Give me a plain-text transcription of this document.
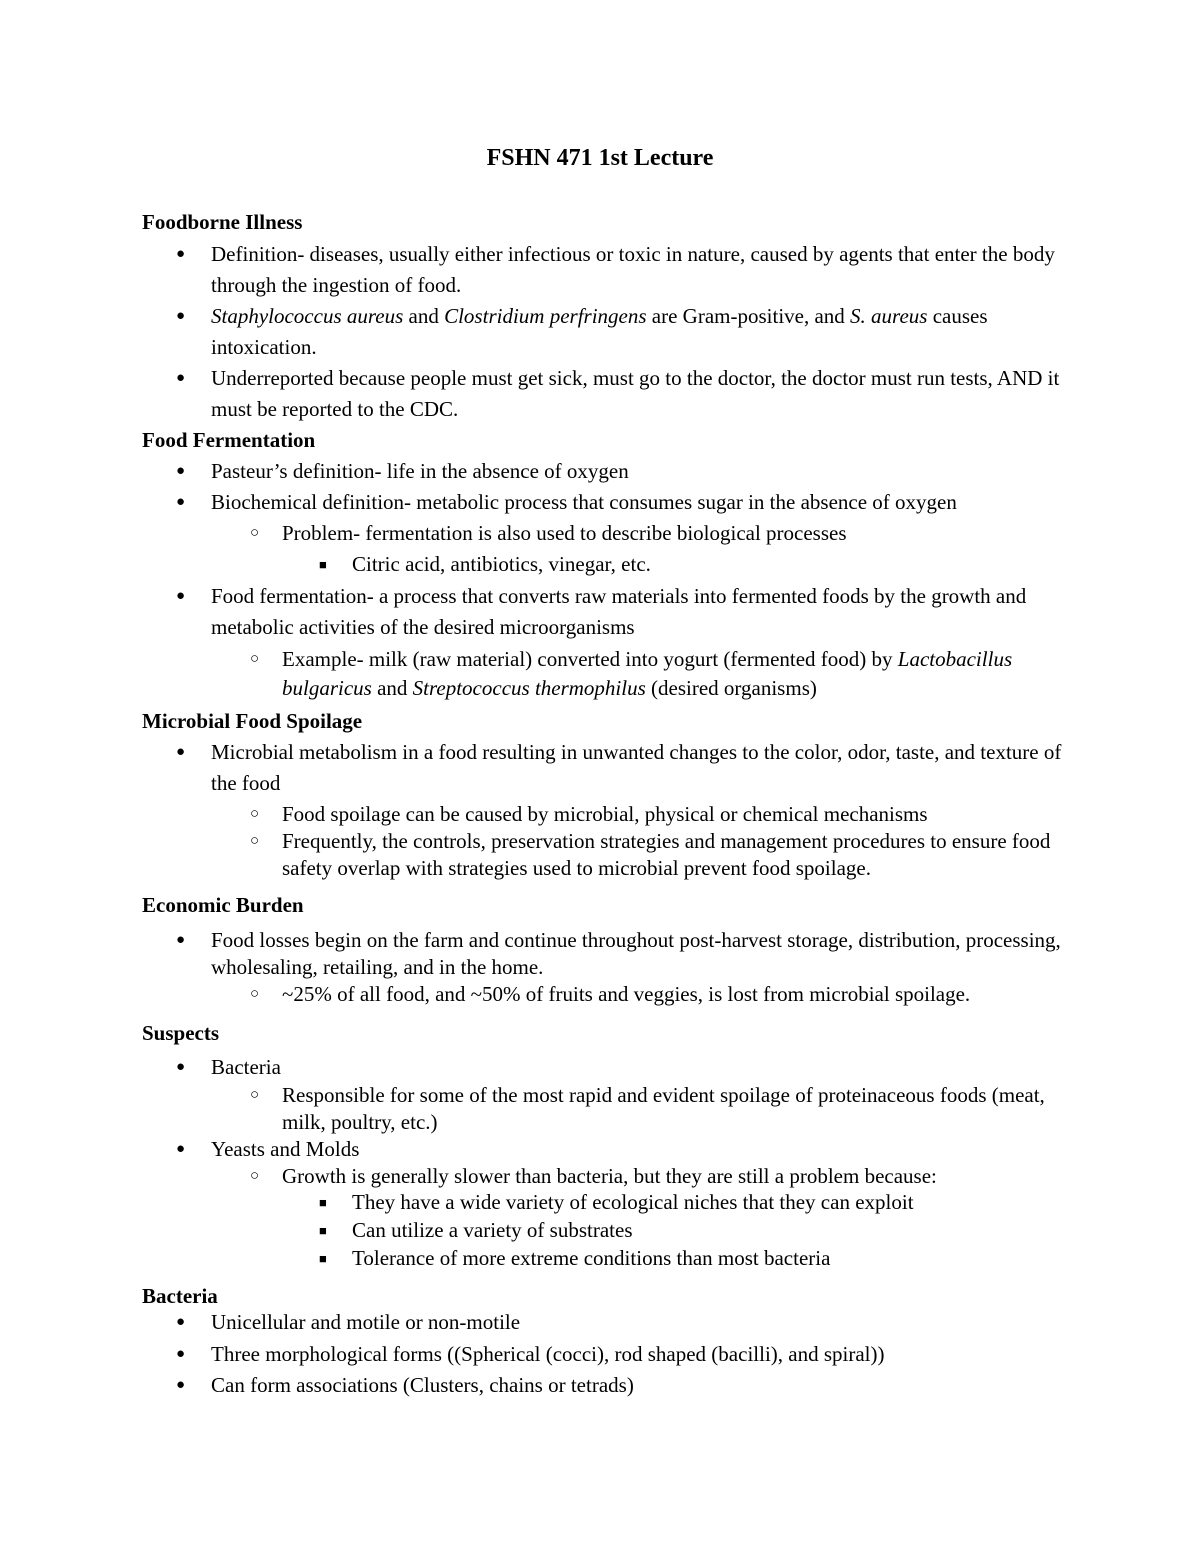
FSHN 471 1st Lecture
Foodborne Illness
● Definition- diseases, usually either infectious or toxic in nature, caused by agents that enter the body through the ingestion of food.
● Staphylococcus aureus and Clostridium perfringens are Gram-positive, and S. aureus causes intoxication.
● Underreported because people must get sick, must go to the doctor, the doctor must run tests, AND it must be reported to the CDC.
Food Fermentation
● Pasteur’s definition- life in the absence of oxygen
● Biochemical definition- metabolic process that consumes sugar in the absence of oxygen
○ Problem- fermentation is also used to describe biological processes
■ Citric acid, antibiotics, vinegar, etc.
● Food fermentation- a process that converts raw materials into fermented foods by the growth and metabolic activities of the desired microorganisms
○ Example- milk (raw material) converted into yogurt (fermented food) by Lactobacillus bulgaricus and Streptococcus thermophilus (desired organisms)
Microbial Food Spoilage
● Microbial metabolism in a food resulting in unwanted changes to the color, odor, taste, and texture of the food
○ Food spoilage can be caused by microbial, physical or chemical mechanisms
○ Frequently, the controls, preservation strategies and management procedures to ensure food safety overlap with strategies used to microbial prevent food spoilage.
Economic Burden
● Food losses begin on the farm and continue throughout post-harvest storage, distribution, processing, wholesaling, retailing, and in the home.
○ ~25% of all food, and ~50% of fruits and veggies, is lost from microbial spoilage.
Suspects
● Bacteria
○ Responsible for some of the most rapid and evident spoilage of proteinaceous foods (meat, milk, poultry, etc.)
● Yeasts and Molds
○ Growth is generally slower than bacteria, but they are still a problem because:
■ They have a wide variety of ecological niches that they can exploit
■ Can utilize a variety of substrates
■ Tolerance of more extreme conditions than most bacteria
Bacteria
● Unicellular and motile or non-motile
● Three morphological forms ((Spherical (cocci), rod shaped (bacilli), and spiral))
● Can form associations (Clusters, chains or tetrads)
